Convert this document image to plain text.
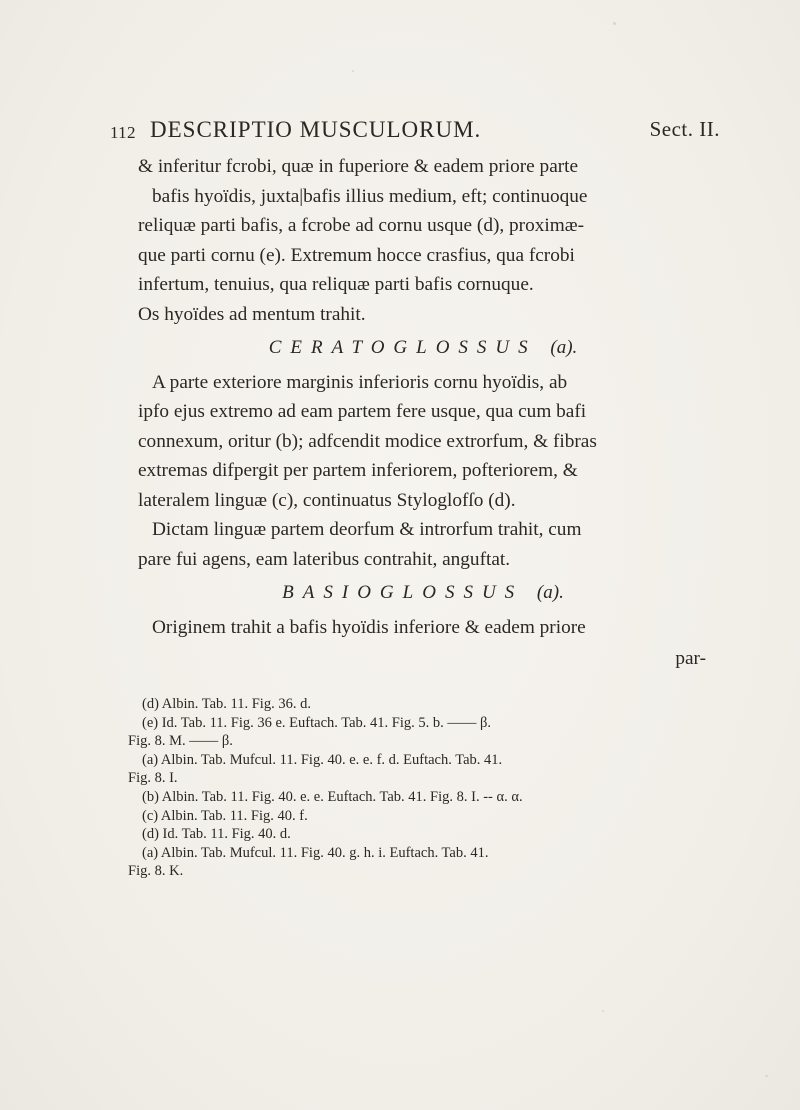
112 DESCRIPTIO MUSCULORUM.	Sect. II.
& inferitur fcrobi, quæ in fuperiore & eadem priore parte
bafis hyoïdis, juxta|bafis illius medium, eft; continuoque
reliquæ parti bafis, a fcrobe ad cornu usque (d), proximæ-
que parti cornu (e). Extremum hocce crasfius, qua fcrobi
infertum, tenuius, qua reliquæ parti bafis cornuque.
Os hyoïdes ad mentum trahit.
CERATOGLOSSUS (a).
A parte exteriore marginis inferioris cornu hyoïdis, ab
ipfo ejus extremo ad eam partem fere usque, qua cum bafi
connexum, oritur (b); adfcendit modice extrorfum, & fibras
extremas difpergit per partem inferiorem, pofteriorem, &
lateralem linguæ (c), continuatus Styloglofſo (d).
Dictam linguæ partem deorfum & introrfum trahit, cum
pare fui agens, eam lateribus contrahit, anguftat.
BASIOGLOSSUS (a).
Originem trahit a bafis hyoïdis inferiore & eadem priore
par-
(d) Albin. Tab. 11. Fig. 36. d.
(e) Id. Tab. 11. Fig. 36 e. Euftach. Tab. 41. Fig. 5. b. —— β.
Fig. 8. M. —— β.
(a) Albin. Tab. Mufcul. 11. Fig. 40. e. e. f. d. Euftach. Tab. 41.
Fig. 8. I.
(b) Albin. Tab. 11. Fig. 40. e. e. Euftach. Tab. 41. Fig. 8. I. -- α. α.
(c) Albin. Tab. 11. Fig. 40. f.
(d) Id. Tab. 11. Fig. 40. d.
(a) Albin. Tab. Mufcul. 11. Fig. 40. g. h. i. Euftach. Tab. 41.
Fig. 8. K.
